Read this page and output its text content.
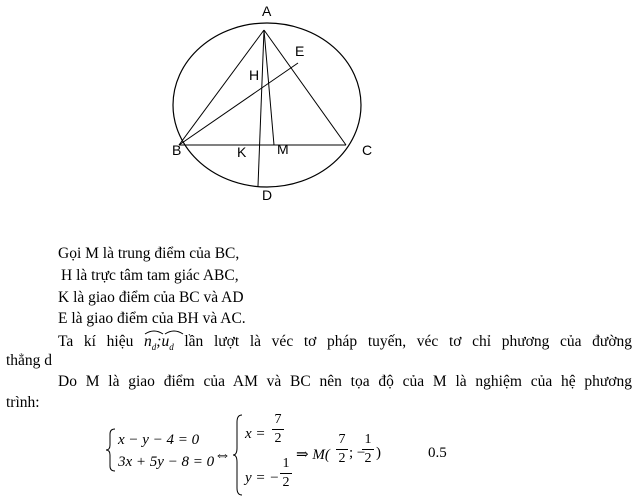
A
B	C
D
E
H
K M
Gọi M là trung điểm của BC,
H là trực tâm tam giác ABC,
K là giao điểm của BC và AD
E là giao điểm của BH và AC.
Ta kí hiệu $n_d;u_d$ lần lượt là véc tơ pháp tuyến, véc tơ chỉ phương của đường
thẳng d
Do M là giao điểm của AM và BC nên tọa độ của M là nghiệm của hệ phương
trình:
x − y − 4 = 0
3x + 5y − 8 = 0 ⇔
x =
7
2
y = −
1
2
⇒ M(
7
2 ; −
1
2 )	0.5
